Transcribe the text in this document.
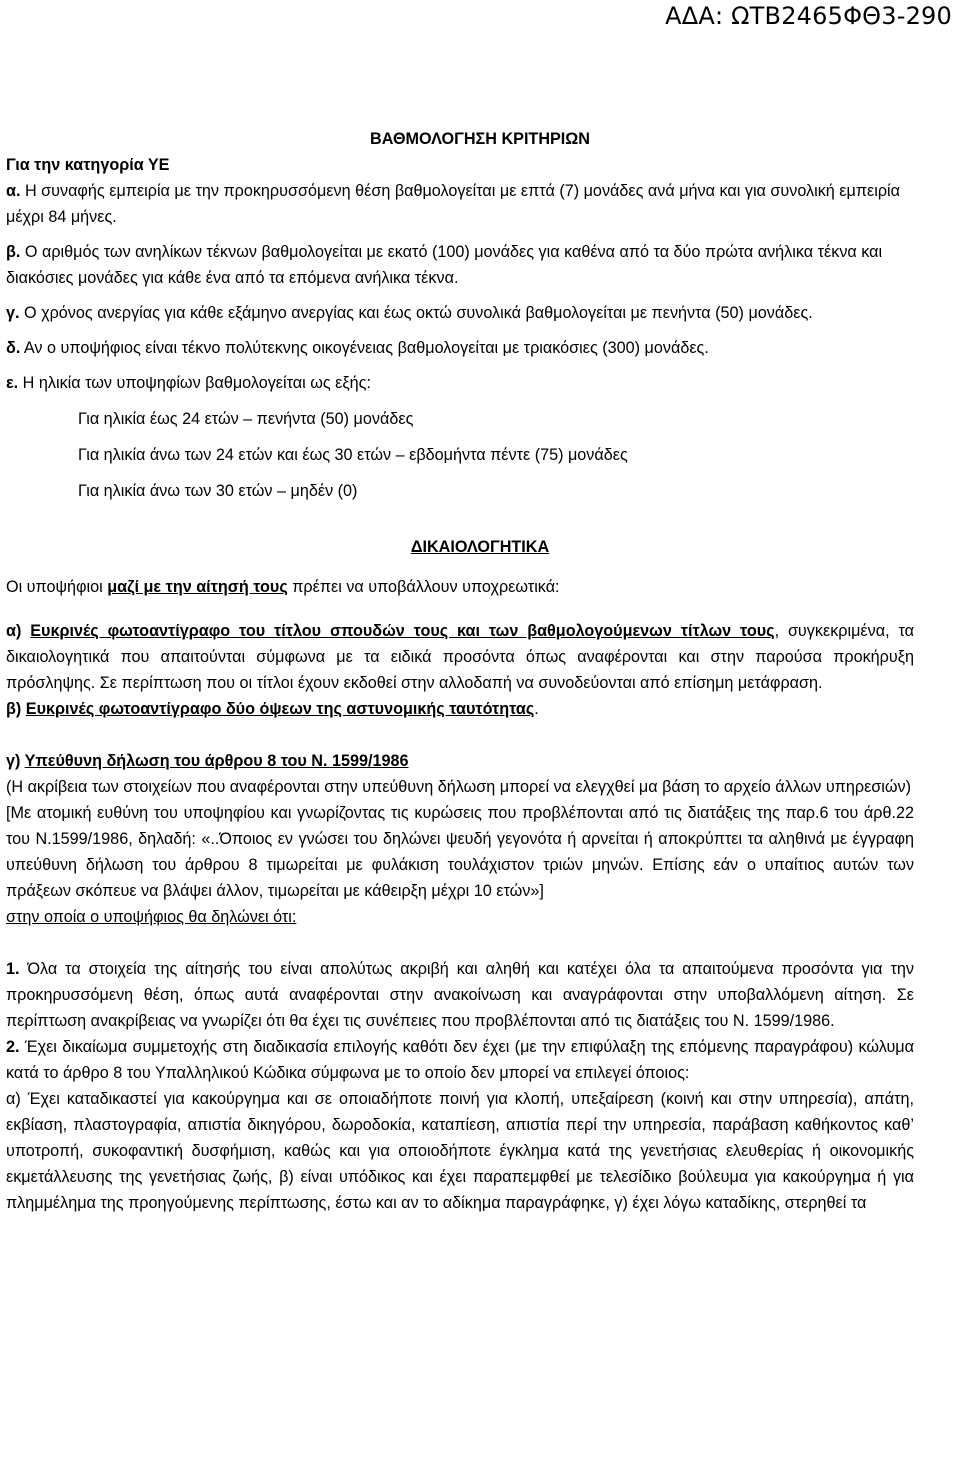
ΑΔΑ: ΩΤΒ2465ΦΘ3-290

ΒΑΘΜΟΛΟΓΗΣΗ ΚΡΙΤΗΡΙΩΝ

Για την κατηγορία ΥΕ

α. Η συναφής εμπειρία με την προκηρυσσόμενη θέση βαθμολογείται με επτά (7) μονάδες ανά μήνα και για συνολική εμπειρία μέχρι 84 μήνες.

β. Ο αριθμός των ανηλίκων τέκνων βαθμολογείται με εκατό (100) μονάδες για καθένα από τα δύο πρώτα ανήλικα τέκνα και διακόσιες μονάδες για κάθε ένα από τα επόμενα ανήλικα τέκνα.

γ. Ο χρόνος ανεργίας για κάθε εξάμηνο ανεργίας και έως οκτώ συνολικά βαθμολογείται με πενήντα (50) μονάδες.

δ. Αν ο υποψήφιος είναι τέκνο πολύτεκνης οικογένειας βαθμολογείται με τριακόσιες (300) μονάδες.

ε. Η ηλικία των υποψηφίων βαθμολογείται ως εξής:

Για ηλικία έως 24 ετών – πενήντα (50) μονάδες

Για ηλικία άνω των 24 ετών και έως 30 ετών – εβδομήντα πέντε (75) μονάδες

Για ηλικία άνω των 30 ετών – μηδέν (0)

ΔΙΚΑΙΟΛΟΓΗΤΙΚΑ

Οι υποψήφιοι μαζί με την αίτησή τους πρέπει να υποβάλλουν υποχρεωτικά:

α) Ευκρινές φωτοαντίγραφο του τίτλου σπουδών τους και των βαθμολογούμενων τίτλων τους, συγκεκριμένα, τα δικαιολογητικά που απαιτούνται σύμφωνα με τα ειδικά προσόντα όπως αναφέρονται και στην παρούσα προκήρυξη πρόσληψης. Σε περίπτωση που οι τίτλοι έχουν εκδοθεί στην αλλοδαπή να συνοδεύονται από επίσημη μετάφραση.

β) Ευκρινές φωτοαντίγραφο δύο όψεων της αστυνομικής ταυτότητας.

γ) Υπεύθυνη δήλωση του άρθρου 8 του Ν. 1599/1986

(Η ακρίβεια των στοιχείων που αναφέρονται στην υπεύθυνη δήλωση μπορεί να ελεγχθεί μα βάση το αρχείο άλλων υπηρεσιών)

[Με ατομική ευθύνη του υποψηφίου και γνωρίζοντας τις κυρώσεις που προβλέπονται από τις διατάξεις της παρ.6 του άρθ.22 του Ν.1599/1986, δηλαδή: «..Όποιος εν γνώσει του δηλώνει ψευδή γεγονότα ή αρνείται ή αποκρύπτει τα αληθινά με έγγραφη υπεύθυνη δήλωση του άρθρου 8 τιμωρείται με φυλάκιση τουλάχιστον τριών μηνών. Επίσης εάν ο υπαίτιος αυτών των πράξεων σκόπευε να βλάψει άλλον, τιμωρείται με κάθειρξη μέχρι 10 ετών»]

στην οποία ο υποψήφιος θα δηλώνει ότι:

1. Όλα τα στοιχεία της αίτησής του είναι απολύτως ακριβή και αληθή και κατέχει όλα τα απαιτούμενα προσόντα για την προκηρυσσόμενη θέση, όπως αυτά αναφέρονται στην ανακοίνωση και αναγράφονται στην υποβαλλόμενη αίτηση. Σε περίπτωση ανακρίβειας να γνωρίζει ότι θα έχει τις συνέπειες που προβλέπονται από τις διατάξεις του Ν. 1599/1986.

2. Έχει δικαίωμα συμμετοχής στη διαδικασία επιλογής καθότι δεν έχει (με την επιφύλαξη της επόμενης παραγράφου) κώλυμα κατά το άρθρο 8 του Υπαλληλικού Κώδικα σύμφωνα με το οποίο δεν μπορεί να επιλεγεί όποιος:

α) Έχει καταδικαστεί για κακούργημα και σε οποιαδήποτε ποινή για κλοπή, υπεξαίρεση (κοινή και στην υπηρεσία), απάτη, εκβίαση, πλαστογραφία, απιστία δικηγόρου, δωροδοκία, καταπίεση, απιστία περί την υπηρεσία, παράβαση καθήκοντος καθ’ υποτροπή, συκοφαντική δυσφήμιση, καθώς και για οποιοδήποτε έγκλημα κατά της γενετήσιας ελευθερίας ή οικονομικής εκμετάλλευσης της γενετήσιας ζωής, β) είναι υπόδικος και έχει παραπεμφθεί με τελεσίδικο βούλευμα για κακούργημα ή για πλημμέλημα της προηγούμενης περίπτωσης, έστω και αν το αδίκημα παραγράφηκε, γ) έχει λόγω καταδίκης, στερηθεί τα
